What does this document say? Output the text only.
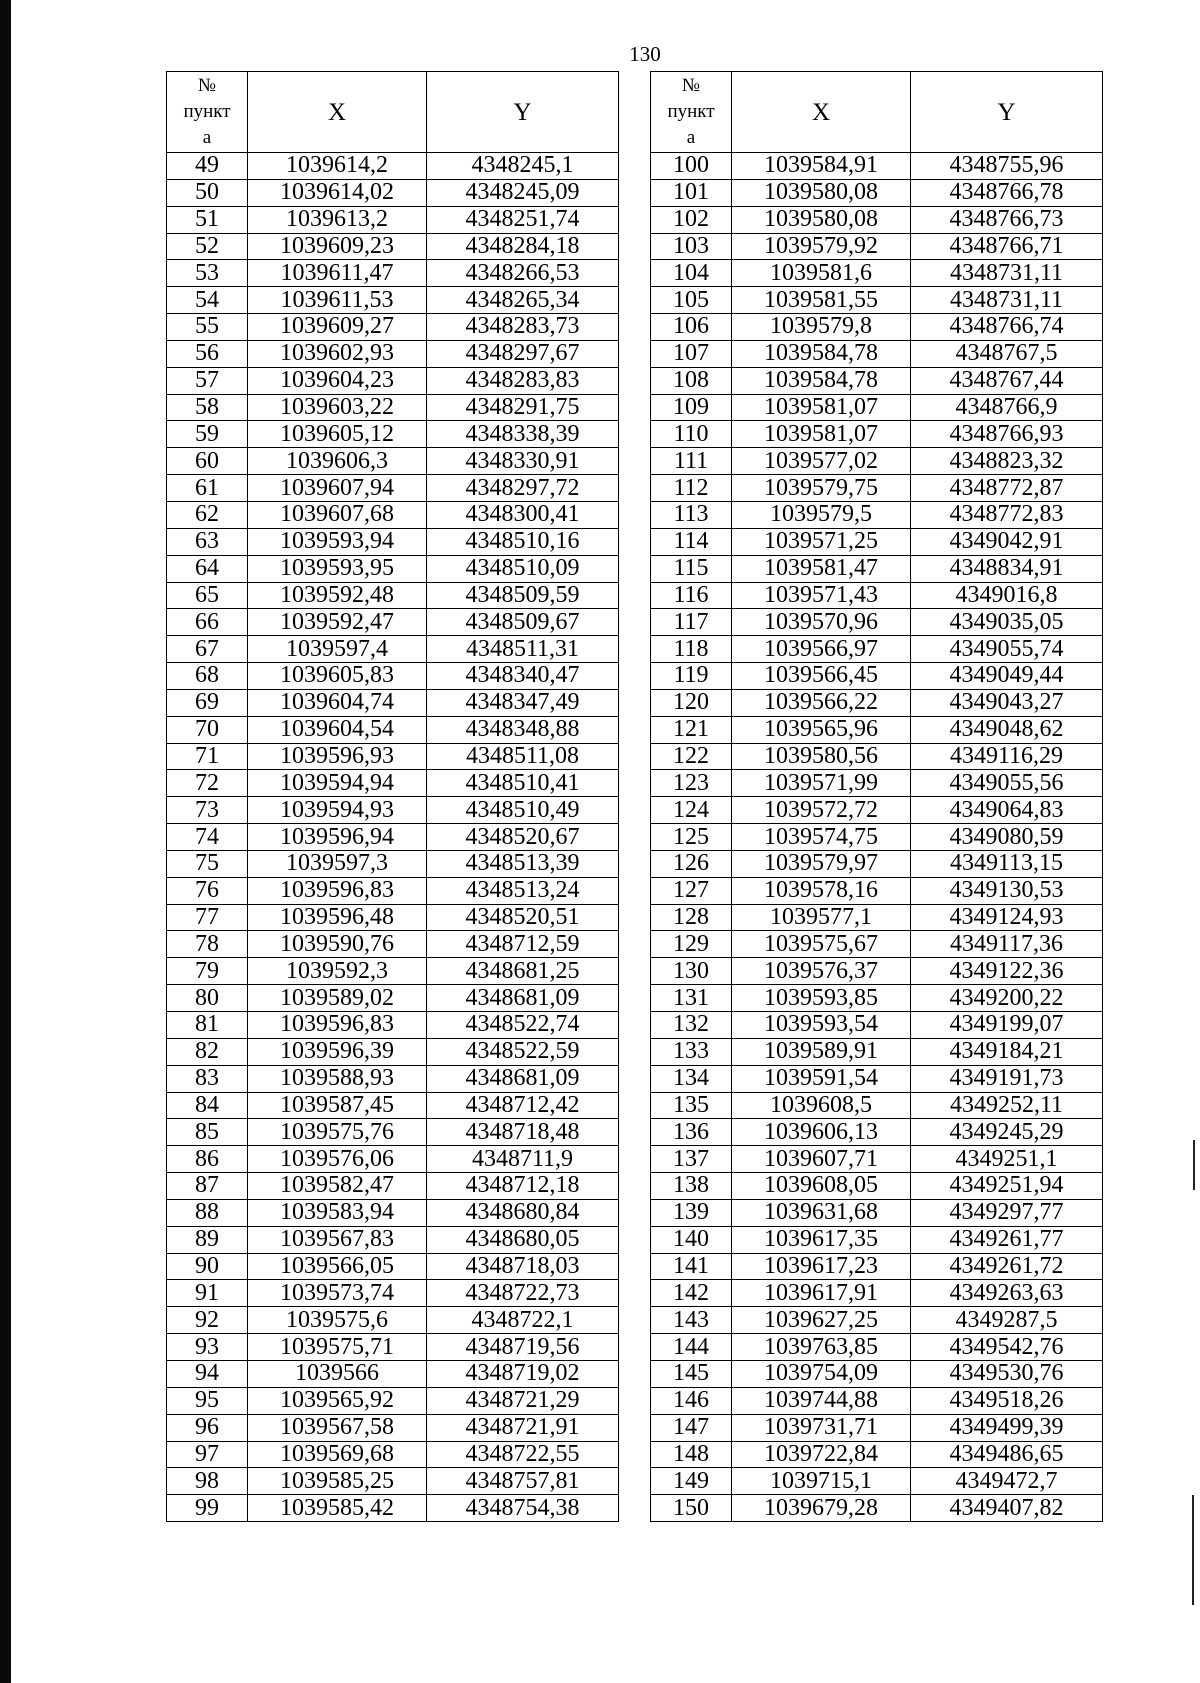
130
№
пункт
а	X	Y
49	1039614,2	4348245,1
50	1039614,02	4348245,09
51	1039613,2	4348251,74
52	1039609,23	4348284,18
53	1039611,47	4348266,53
54	1039611,53	4348265,34
55	1039609,27	4348283,73
56	1039602,93	4348297,67
57	1039604,23	4348283,83
58	1039603,22	4348291,75
59	1039605,12	4348338,39
60	1039606,3	4348330,91
61	1039607,94	4348297,72
62	1039607,68	4348300,41
63	1039593,94	4348510,16
64	1039593,95	4348510,09
65	1039592,48	4348509,59
66	1039592,47	4348509,67
67	1039597,4	4348511,31
68	1039605,83	4348340,47
69	1039604,74	4348347,49
70	1039604,54	4348348,88
71	1039596,93	4348511,08
72	1039594,94	4348510,41
73	1039594,93	4348510,49
74	1039596,94	4348520,67
75	1039597,3	4348513,39
76	1039596,83	4348513,24
77	1039596,48	4348520,51
78	1039590,76	4348712,59
79	1039592,3	4348681,25
80	1039589,02	4348681,09
81	1039596,83	4348522,74
82	1039596,39	4348522,59
83	1039588,93	4348681,09
84	1039587,45	4348712,42
85	1039575,76	4348718,48
86	1039576,06	4348711,9
87	1039582,47	4348712,18
88	1039583,94	4348680,84
89	1039567,83	4348680,05
90	1039566,05	4348718,03
91	1039573,74	4348722,73
92	1039575,6	4348722,1
93	1039575,71	4348719,56
94	1039566	4348719,02
95	1039565,92	4348721,29
96	1039567,58	4348721,91
97	1039569,68	4348722,55
98	1039585,25	4348757,81
99	1039585,42	4348754,38
№
пункт
а	X	Y
100	1039584,91	4348755,96
101	1039580,08	4348766,78
102	1039580,08	4348766,73
103	1039579,92	4348766,71
104	1039581,6	4348731,11
105	1039581,55	4348731,11
106	1039579,8	4348766,74
107	1039584,78	4348767,5
108	1039584,78	4348767,44
109	1039581,07	4348766,9
110	1039581,07	4348766,93
111	1039577,02	4348823,32
112	1039579,75	4348772,87
113	1039579,5	4348772,83
114	1039571,25	4349042,91
115	1039581,47	4348834,91
116	1039571,43	4349016,8
117	1039570,96	4349035,05
118	1039566,97	4349055,74
119	1039566,45	4349049,44
120	1039566,22	4349043,27
121	1039565,96	4349048,62
122	1039580,56	4349116,29
123	1039571,99	4349055,56
124	1039572,72	4349064,83
125	1039574,75	4349080,59
126	1039579,97	4349113,15
127	1039578,16	4349130,53
128	1039577,1	4349124,93
129	1039575,67	4349117,36
130	1039576,37	4349122,36
131	1039593,85	4349200,22
132	1039593,54	4349199,07
133	1039589,91	4349184,21
134	1039591,54	4349191,73
135	1039608,5	4349252,11
136	1039606,13	4349245,29
137	1039607,71	4349251,1
138	1039608,05	4349251,94
139	1039631,68	4349297,77
140	1039617,35	4349261,77
141	1039617,23	4349261,72
142	1039617,91	4349263,63
143	1039627,25	4349287,5
144	1039763,85	4349542,76
145	1039754,09	4349530,76
146	1039744,88	4349518,26
147	1039731,71	4349499,39
148	1039722,84	4349486,65
149	1039715,1	4349472,7
150	1039679,28	4349407,82
